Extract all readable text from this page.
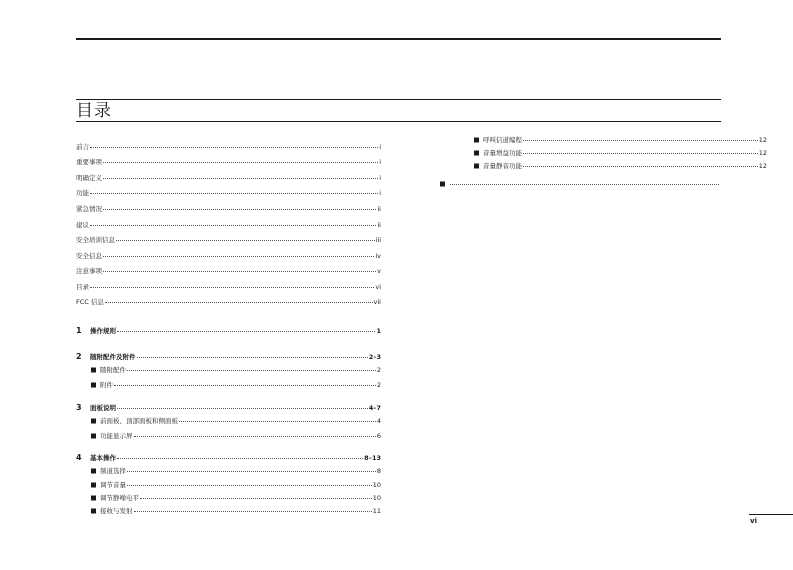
目录
前言	i
重要事项	i
明确定义	i
功能	i
紧急情况	ii
建议	ii
安全培训信息	iii
安全信息	iv
注意事项	v
目录	vi
FCC 信息	vii
1	操作规则	1
2	随附配件及附件	2–3
随附配件	2
附件	2
3	面板说明	4–7
前面板、顶部面板和侧面板	4
功能显示屏	6
4	基本操作	8–13
频道选择	8
调节音量	10
调节静噪电平	10
接收与发射	11
呼叫信道编程	12
音量增益功能	12
音量静音功能	12
vi
